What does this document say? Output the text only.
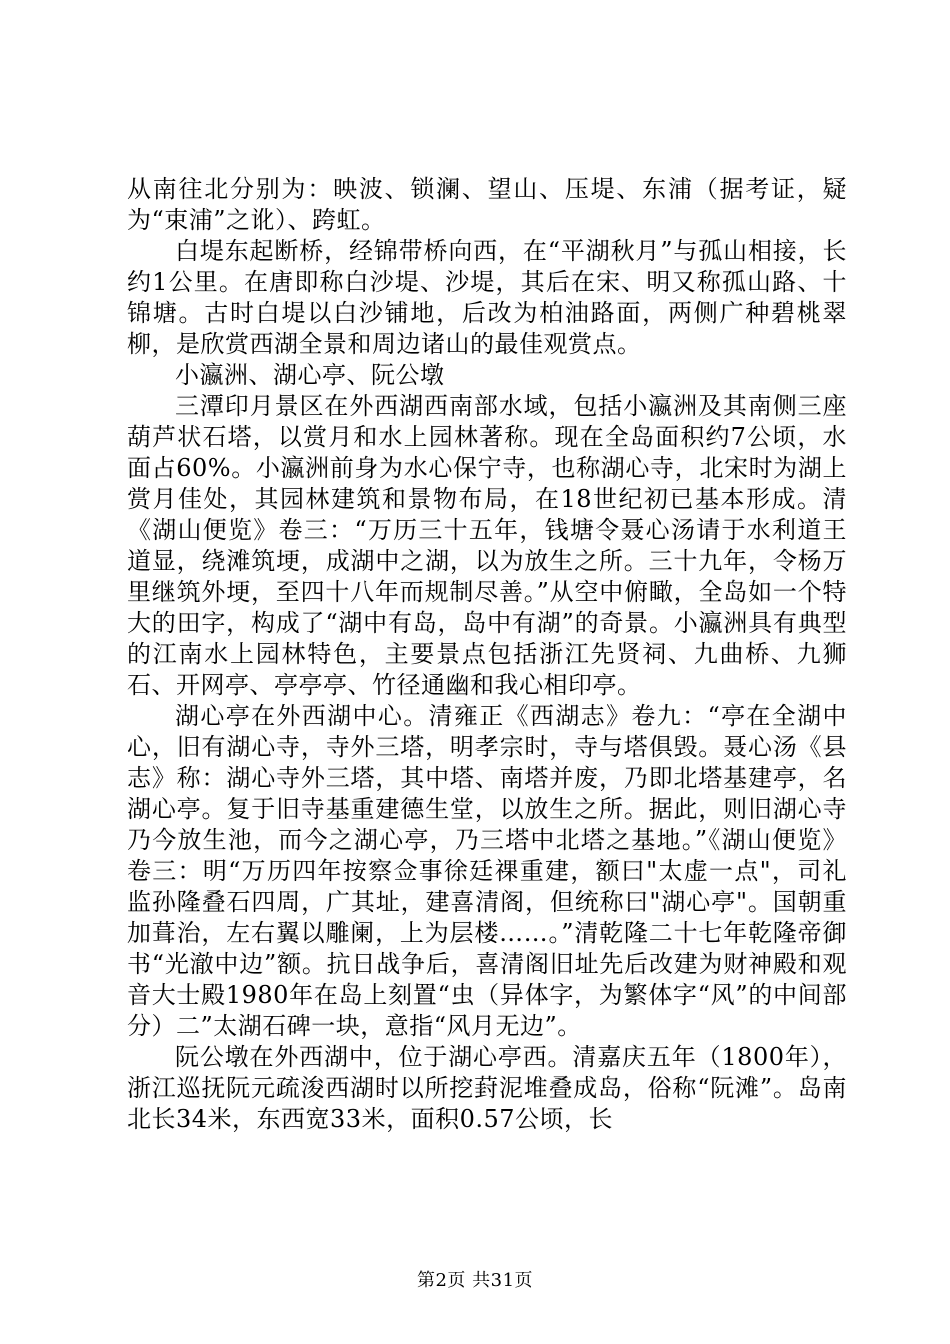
从南往北分别为：映波、锁澜、望山、压堤、东浦（据考证，疑为“束浦”之讹）、跨虹。

白堤东起断桥，经锦带桥向西，在“平湖秋月”与孤山相接，长约1公里。在唐即称白沙堤、沙堤，其后在宋、明又称孤山路、十锦塘。古时白堤以白沙铺地，后改为柏油路面，两侧广种碧桃翠柳，是欣赏西湖全景和周边诸山的最佳观赏点。

小瀛洲、湖心亭、阮公墩

三潭印月景区在外西湖西南部水域，包括小瀛洲及其南侧三座葫芦状石塔，以赏月和水上园林著称。现在全岛面积约7公顷，水面占60%。小瀛洲前身为水心保宁寺，也称湖心寺，北宋时为湖上赏月佳处，其园林建筑和景物布局，在18世纪初已基本形成。清《湖山便览》卷三：“万历三十五年，钱塘令聂心汤请于水利道王道显，绕滩筑埂，成湖中之湖，以为放生之所。三十九年，令杨万里继筑外埂，至四十八年而规制尽善。”从空中俯瞰，全岛如一个特大的田字，构成了“湖中有岛，岛中有湖”的奇景。小瀛洲具有典型的江南水上园林特色，主要景点包括浙江先贤祠、九曲桥、九狮石、开网亭、亭亭亭、竹径通幽和我心相印亭。

湖心亭在外西湖中心。清雍正《西湖志》卷九：“亭在全湖中心，旧有湖心寺，寺外三塔，明孝宗时，寺与塔俱毁。聂心汤《县志》称：湖心寺外三塔，其中塔、南塔并废，乃即北塔基建亭，名湖心亭。复于旧寺基重建德生堂，以放生之所。据此，则旧湖心寺乃今放生池，而今之湖心亭，乃三塔中北塔之基地。”《湖山便览》卷三：明“万历四年按察佥事徐廷祼重建，额曰"太虚一点"，司礼监孙隆叠石四周，广其址，建喜清阁，但统称曰"湖心亭"。国朝重加葺治，左右翼以雕阑，上为层楼……。”清乾隆二十七年乾隆帝御书“光澈中边”额。抗日战争后，喜清阁旧址先后改建为财神殿和观音大士殿1980年在岛上刻置“虫（异体字，为繁体字“风”的中间部分）二”太湖石碑一块，意指“风月无边”。

阮公墩在外西湖中，位于湖心亭西。清嘉庆五年（1800年），浙江巡抚阮元疏浚西湖时以所挖葑泥堆叠成岛，俗称“阮滩”。岛南北长34米，东西宽33米，面积0.57公顷，长

第2页 共31页
